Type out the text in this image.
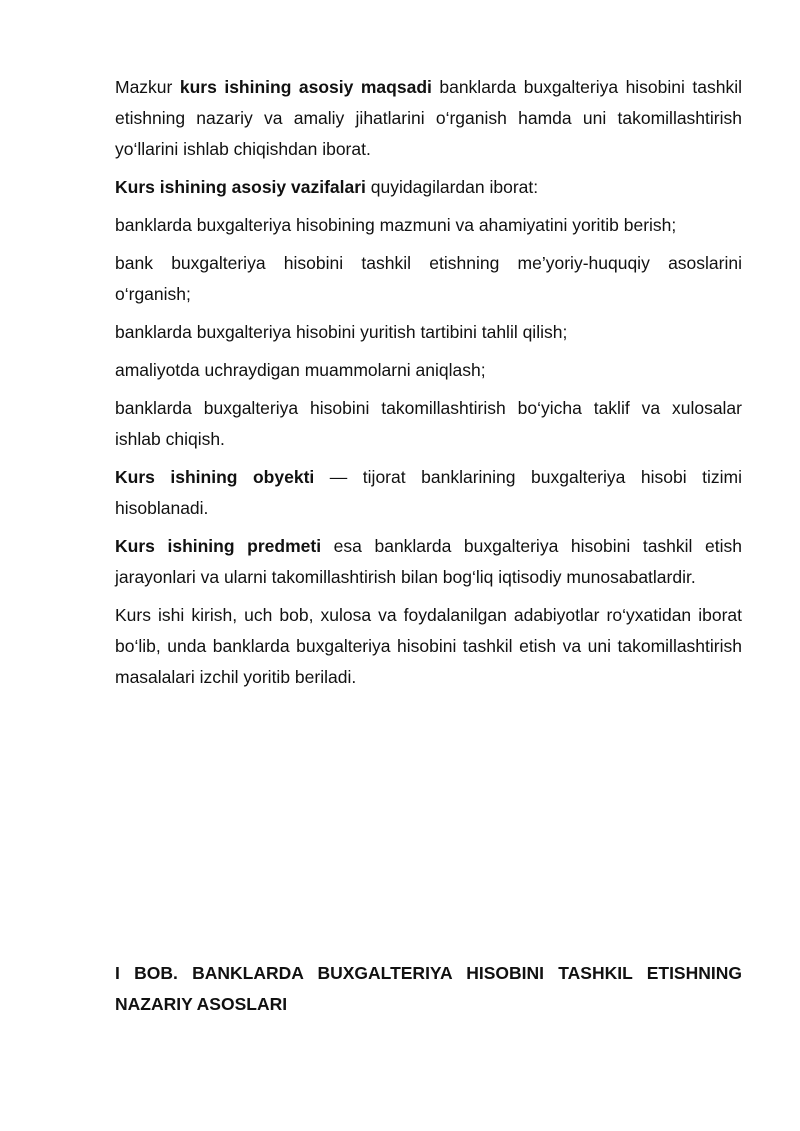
Mazkur kurs ishining asosiy maqsadi banklarda buxgalteriya hisobini tashkil etishning nazariy va amaliy jihatlarini o‘rganish hamda uni takomillashtirish yo‘llarini ishlab chiqishdan iborat.

Kurs ishining asosiy vazifalari quyidagilardan iborat:

banklarda buxgalteriya hisobining mazmuni va ahamiyatini yoritib berish;

bank buxgalteriya hisobini tashkil etishning me’yoriy-huquqiy asoslarini o‘rganish;

banklarda buxgalteriya hisobini yuritish tartibini tahlil qilish;

amaliyotda uchraydigan muammolarni aniqlash;

banklarda buxgalteriya hisobini takomillashtirish bo‘yicha taklif va xulosalar ishlab chiqish.

Kurs ishining obyekti — tijorat banklarining buxgalteriya hisobi tizimi hisoblanadi.

Kurs ishining predmeti esa banklarda buxgalteriya hisobini tashkil etish jarayonlari va ularni takomillashtirish bilan bog‘liq iqtisodiy munosabatlardir.

Kurs ishi kirish, uch bob, xulosa va foydalanilgan adabiyotlar ro‘yxatidan iborat bo‘lib, unda banklarda buxgalteriya hisobini tashkil etish va uni takomillashtirish masalalari izchil yoritib beriladi.

I BOB. BANKLARDA BUXGALTERIYA HISOBINI TASHKIL ETISHNING NAZARIY ASOSLARI
